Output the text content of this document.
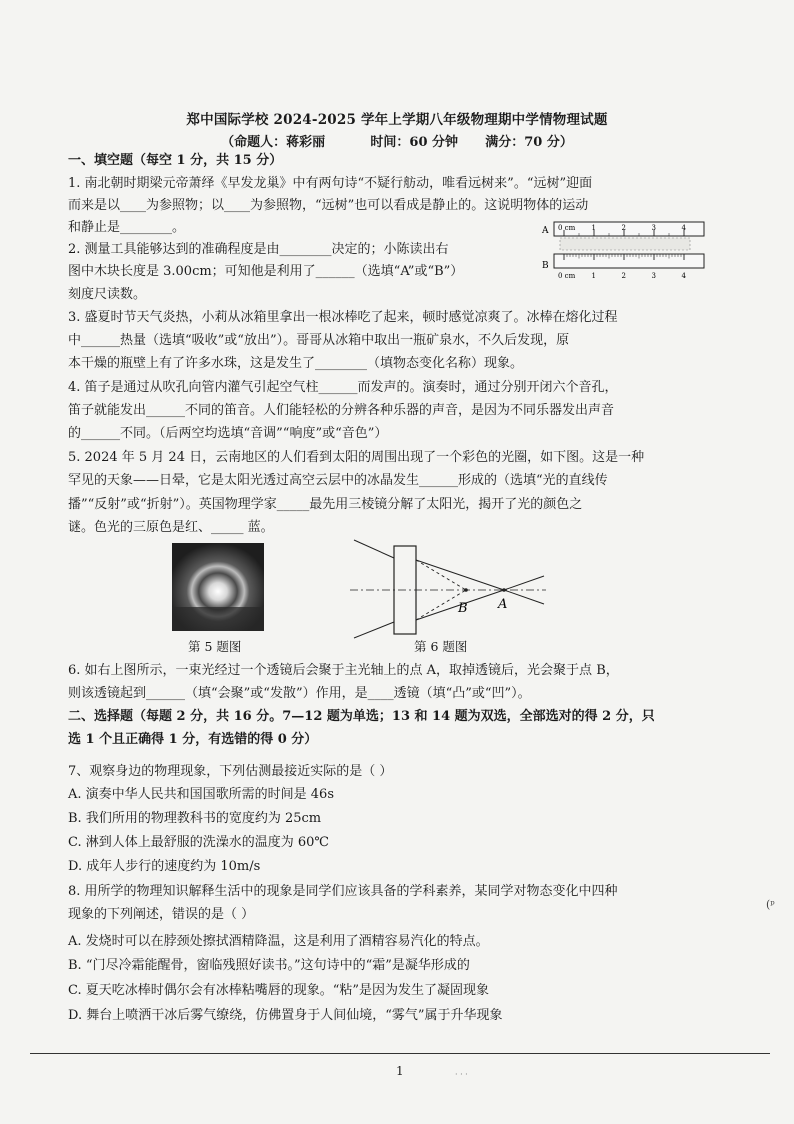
郑中国际学校 2024-2025 学年上学期八年级物理期中学情物理试题
（命题人：蒋彩丽          时间：60 分钟      满分：70 分）
一、填空题（每空 1 分，共 15 分）
1. 南北朝时期梁元帝萧绎《早发龙巢》中有两句诗“不疑行舫动，唯看远树来”。“远树”迎面
而来是以____为参照物；以____为参照物，“远树”也可以看成是静止的。这说明物体的运动
和静止是________。
2. 测量工具能够达到的准确程度是由________决定的；小陈读出右
图中木块长度是 3.00cm；可知他是利用了______（选填“A”或“B”）
刻度尺读数。
3. 盛夏时节天气炎热，小莉从冰箱里拿出一根冰棒吃了起来，顿时感觉凉爽了。冰棒在熔化过程
中______热量（选填“吸收”或“放出”）。哥哥从冰箱中取出一瓶矿泉水，不久后发现，原
本干燥的瓶壁上有了许多水珠，这是发生了________（填物态变化名称）现象。
4. 笛子是通过从吹孔向管内灌气引起空气柱______而发声的。演奏时，通过分别开闭六个音孔，
笛子就能发出______不同的笛音。人们能轻松的分辨各种乐器的声音，是因为不同乐器发出声音
的______不同。（后两空均选填“音调”“响度”或“音色”）
5. 2024 年 5 月 24 日，云南地区的人们看到太阳的周围出现了一个彩色的光圈，如下图。这是一种
罕见的天象——日晕，它是太阳光透过高空云层中的冰晶发生______形成的（选填“光的直线传
播”“反射”或“折射”）。英国物理学家_____最先用三棱镜分解了太阳光，揭开了光的颜色之
谜。色光的三原色是红、_____ 蓝。
A 0 cm 1	2	3	4
B
0 cm 1	2	3	4
第 5 题图
B A
第 6 题图
6. 如右上图所示，一束光经过一个透镜后会聚于主光轴上的点 A，取掉透镜后，光会聚于点 B，
则该透镜起到______（填“会聚”或“发散”）作用，是____透镜（填“凸”或“凹”）。
二、选择题（每题 2 分，共 16 分。7—12 题为单选；13 和 14 题为双选，全部选对的得 2 分，只
选 1 个且正确得 1 分，有选错的得 0 分）
7、观察身边的物理现象，下列估测最接近实际的是（ ）
A. 演奏中华人民共和国国歌所需的时间是 46s
B. 我们所用的物理教科书的宽度约为 25cm
C. 淋到人体上最舒服的洗澡水的温度为 60℃
D. 成年人步行的速度约为 10m/s
8. 用所学的物理知识解释生活中的现象是同学们应该具备的学科素养，某同学对物态变化中四种
现象的下列阐述，错误的是（ ）
A. 发烧时可以在脖颈处擦拭酒精降温，这是利用了酒精容易汽化的特点。
B. “门尽冷霜能醒骨，窗临残照好读书。”这句诗中的“霜”是凝华形成的
C. 夏天吃冰棒时偶尔会有冰棒粘嘴唇的现象。“粘”是因为发生了凝固现象
D. 舞台上喷洒干冰后雾气缭绕，仿佛置身于人间仙境，“雾气”属于升华现象
(ᵖ
1	· · ·
